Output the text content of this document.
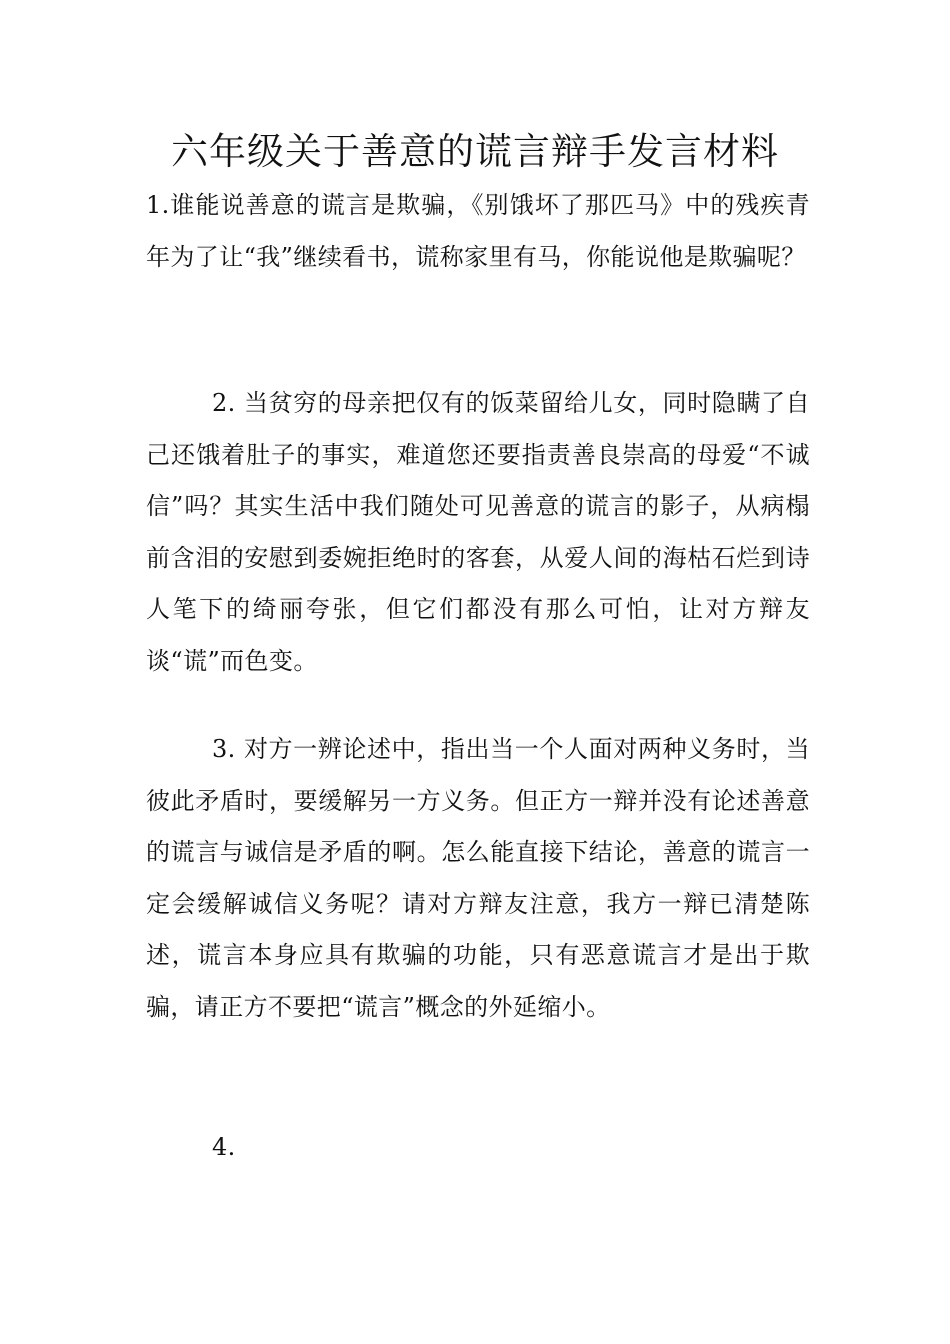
六年级关于善意的谎言辩手发言材料

1.谁能说善意的谎言是欺骗，《别饿坏了那匹马》中的残疾青年为了让“我”继续看书，谎称家里有马，你能说他是欺骗呢？

2. 当贫穷的母亲把仅有的饭菜留给儿女，同时隐瞒了自己还饿着肚子的事实，难道您还要指责善良崇高的母爱“不诚信”吗？其实生活中我们随处可见善意的谎言的影子，从病榻前含泪的安慰到委婉拒绝时的客套，从爱人间的海枯石烂到诗人笔下的绮丽夸张，但它们都没有那么可怕，让对方辩友谈“谎”而色变。

3. 对方一辨论述中，指出当一个人面对两种义务时，当彼此矛盾时，要缓解另一方义务。但正方一辩并没有论述善意的谎言与诚信是矛盾的啊。怎么能直接下结论，善意的谎言一定会缓解诚信义务呢？请对方辩友注意，我方一辩已清楚陈述，谎言本身应具有欺骗的功能，只有恶意谎言才是出于欺骗，请正方不要把“谎言”概念的外延缩小。

4.
